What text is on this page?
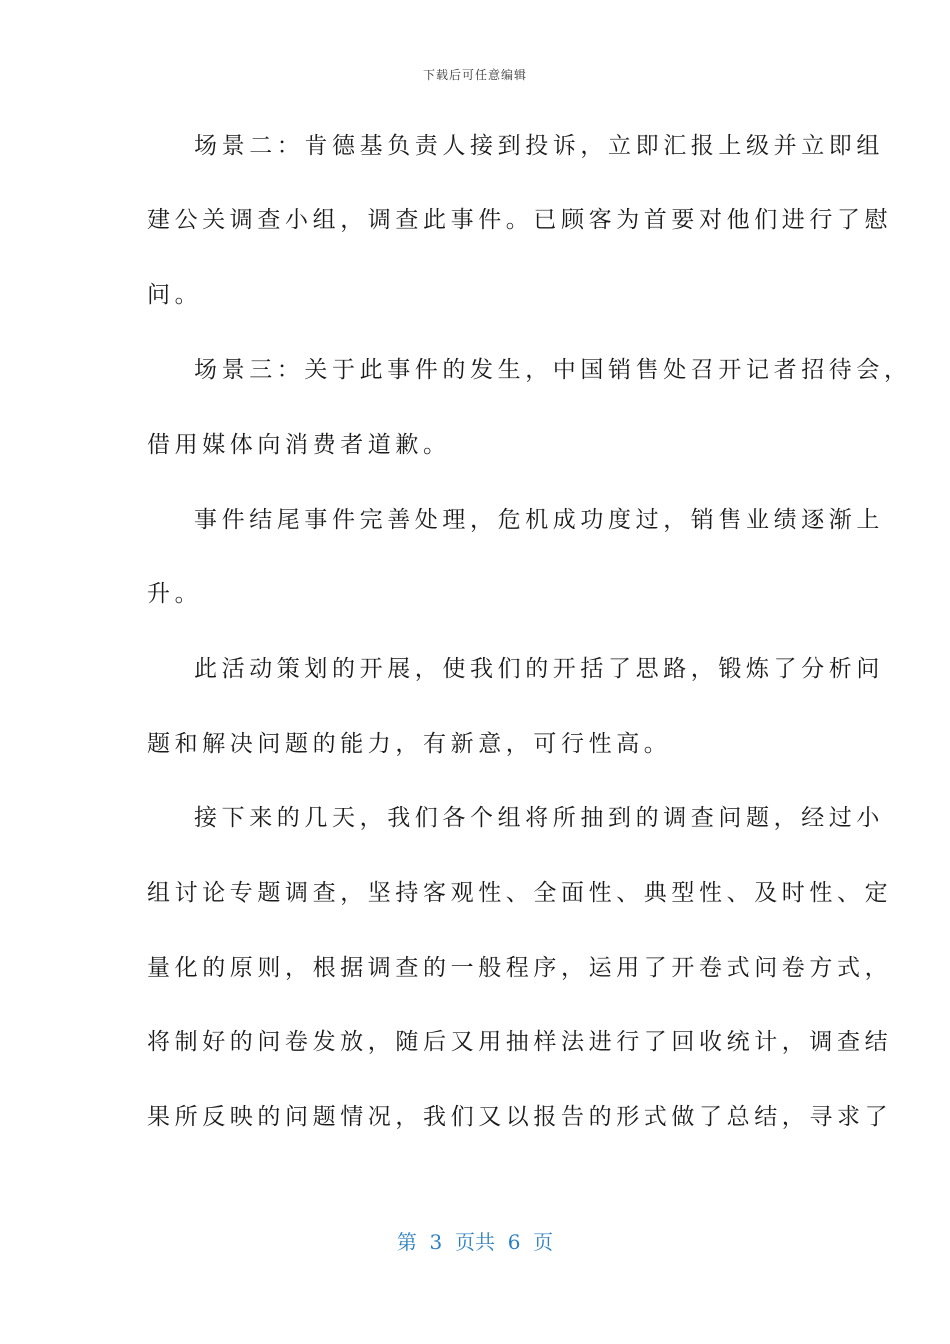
下载后可任意编辑
场景二：肯德基负责人接到投诉，立即汇报上级并立即组
建公关调查小组，调查此事件。已顾客为首要对他们进行了慰
问。
场景三：关于此事件的发生，中国销售处召开记者招待会，
借用媒体向消费者道歉。
事件结尾事件完善处理，危机成功度过，销售业绩逐渐上
升。
此活动策划的开展，使我们的开括了思路，锻炼了分析问
题和解决问题的能力，有新意，可行性高。
接下来的几天，我们各个组将所抽到的调查问题，经过小
组讨论专题调查，坚持客观性、全面性、典型性、及时性、定
量化的原则，根据调查的一般程序，运用了开卷式问卷方式，
将制好的问卷发放，随后又用抽样法进行了回收统计，调查结
果所反映的问题情况，我们又以报告的形式做了总结，寻求了
第  3  页共  6  页
